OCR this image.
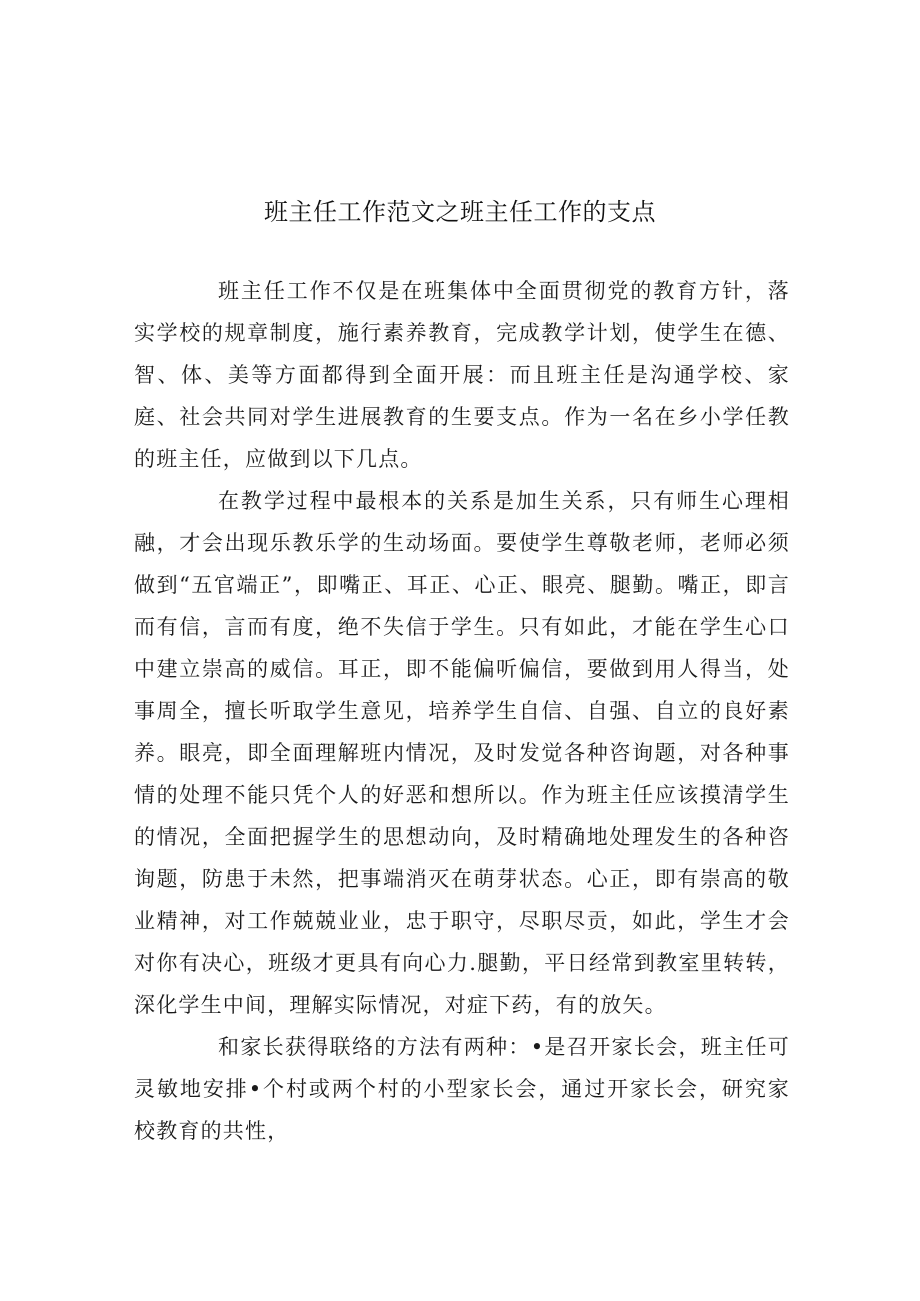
班主任工作范文之班主任工作的支点

班主任工作不仅是在班集体中全面贯彻党的教育方针，落实学校的规章制度，施行素养教育，完成教学计划，使学生在德、智、体、美等方面都得到全面开展：而且班主任是沟通学校、家庭、社会共同对学生进展教育的生要支点。作为一名在乡小学任教的班主任，应做到以下几点。

在教学过程中最根本的关系是加生关系，只有师生心理相融，才会出现乐教乐学的生动场面。要使学生尊敬老师，老师必须做到“五官端正”，即嘴正、耳正、心正、眼亮、腿勤。嘴正，即言而有信，言而有度，绝不失信于学生。只有如此，才能在学生心口中建立崇高的威信。耳正，即不能偏听偏信，要做到用人得当，处事周全，擅长听取学生意见，培养学生自信、自强、自立的良好素养。眼亮，即全面理解班内情况，及时发觉各种咨询题，对各种事情的处理不能只凭个人的好恶和想所以。作为班主任应该摸清学生的情况，全面把握学生的思想动向，及时精确地处理发生的各种咨询题，防患于未然，把事端消灭在萌芽状态。心正，即有崇高的敬业精神，对工作兢兢业业，忠于职守，尽职尽贡，如此，学生才会对你有决心，班级才更具有向心力.腿勤，平日经常到教室里转转，深化学生中间，理解实际情况，对症下药，有的放矢。

和家长获得联络的方法有两种：•是召开家长会，班主任可灵敏地安排•个村或两个村的小型家长会，通过开家长会，研究家校教育的共性，
